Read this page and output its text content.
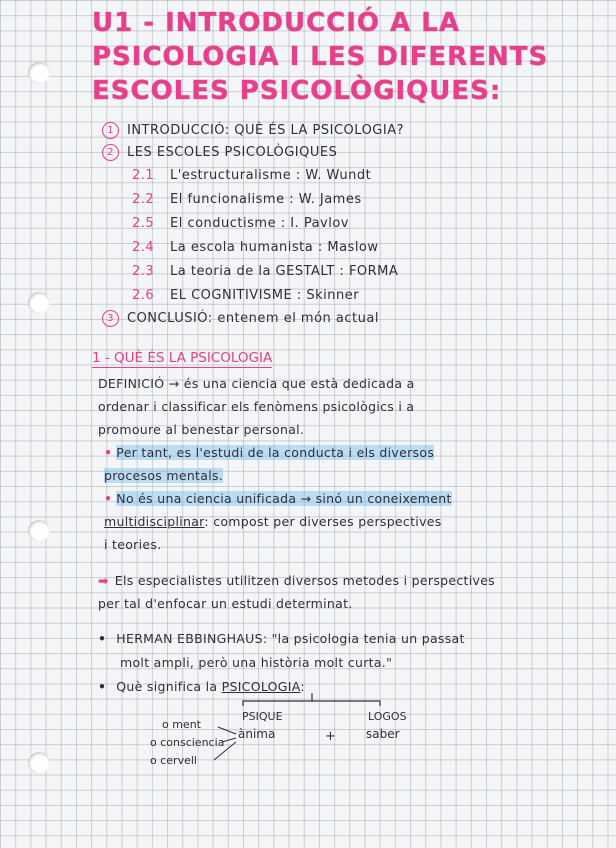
U1 - INTRODUCCIÓ A LA
PSICOLOGIA I LES DIFERENTS
ESCOLES PSICOLÒGIQUES:
1 INTRODUCCIÓ: QUÈ ÉS LA PSICOLOGIA?
2 LES ESCOLES PSICOLÒGIQUES
2.1 L'estructuralisme : W. Wundt
2.2 El funcionalisme : W. James
2.5 El conductisme : I. Pavlov
2.4 La escola humanista : Maslow
2.3 La teoria de la GESTALT : FORMA
2.6 EL COGNITIVISME : Skinner
3 CONCLUSIÓ: entenem el món actual
1 - QUÈ ÉS LA PSICOLOGIA
DEFINICIÓ → és una ciencia que està dedicada a
ordenar i classificar els fenòmens psicològics i a
promoure al benestar personal.
• Per tant, es l'estudi de la conducta i els diversos
procesos mentals.
• No és una ciencia unificada → sinó un coneixement
multidisciplinar: compost per diverses perspectives
i teories.
➡ Els especialistes utilitzen diversos metodes i perspectives
per tal d'enfocar un estudi determinat.
• HERMAN EBBINGHAUS: "la psicologia tenia un passat
molt ampli, però una història molt curta."
• Què significa la PSICOLOGIA:
PSIQUE
ànima	+
LOGOS
saber
o ment
o consciencia
o cervell
